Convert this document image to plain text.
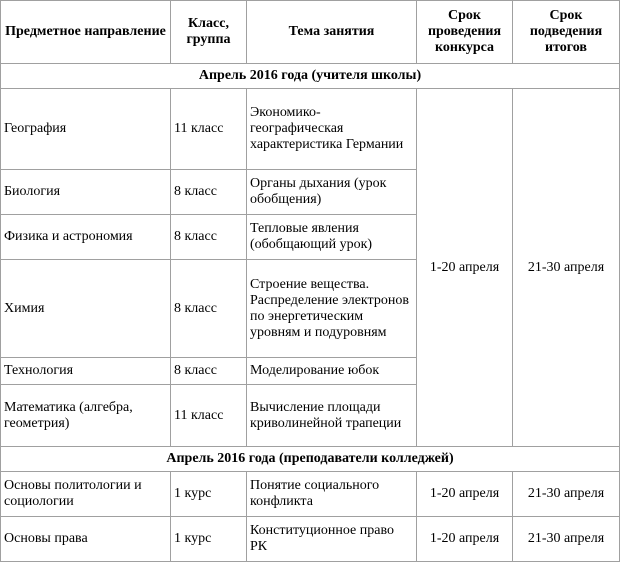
Предметное направление	Класс, группа	Тема занятия	Срок проведения конкурса	Срок подведения итогов
Апрель 2016 года (учителя школы)				
География	11 класс	Экономико-географическая характеристика Германии	1-20 апреля	21-30 апреля
Биология	8 класс	Органы дыхания (урок обобщения)		
Физика и астрономия	8 класс	Тепловые явления (обобщающий урок)		
Химия	8 класс	Строение вещества. Распределение электронов по энергетическим уровням и подуровням		
Технология	8 класс	Моделирование юбок		
Математика (алгебра, геометрия)	11 класс	Вычисление площади криволинейной трапеции		
Апрель 2016 года (преподаватели колледжей)				
Основы политологии и социологии	1 курс	Понятие социального конфликта	1-20 апреля	21-30 апреля
Основы права	1 курс	Конституционное право РК	1-20 апреля	21-30 апреля
